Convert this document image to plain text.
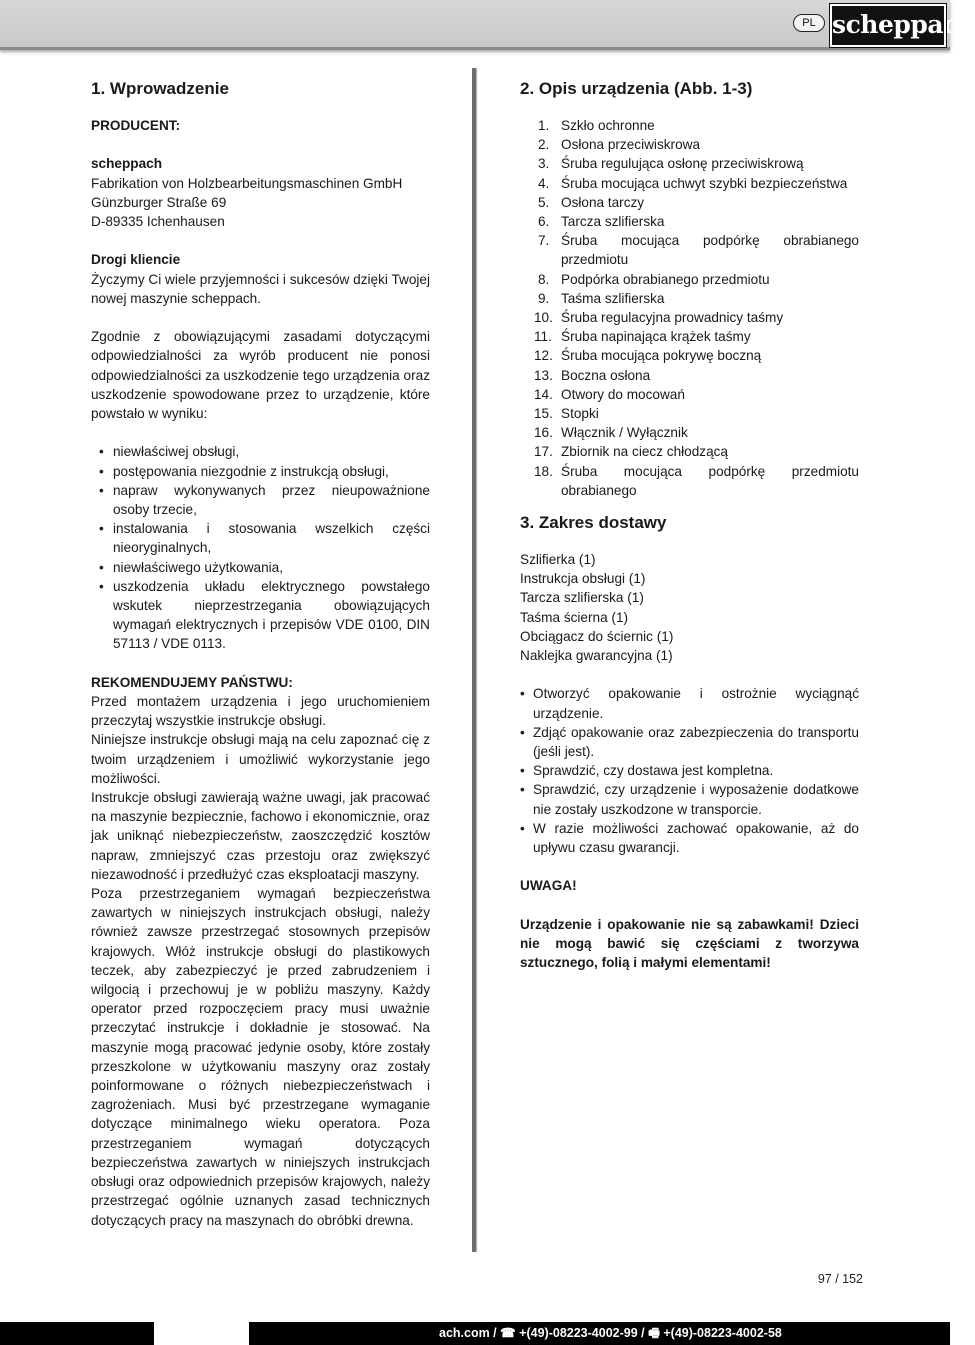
PL scheppach
1. Wprowadzenie

PRODUCENT:

scheppach

Fabrikation von Holzbearbeitungsmaschinen GmbH

Günzburger Straße 69

D-89335 Ichenhausen

Drogi kliencie

Życzymy Ci wiele przyjemności i sukcesów dzięki Twojej nowej maszynie scheppach.

Zgodnie z obowiązującymi zasadami dotyczącymi odpowiedzialności za wyrób producent nie ponosi odpowiedzialności za uszkodzenie tego urządzenia oraz uszkodzenie spowodowane przez to urządzenie, które powstało w wyniku:

• niewłaściwej obsługi,
• postępowania niezgodnie z instrukcją obsługi,
• napraw wykonywanych przez nieupoważnione osoby trzecie,
• instalowania i stosowania wszelkich części nieoryginalnych,
• niewłaściwego użytkowania,
• uszkodzenia układu elektrycznego powstałego wskutek nieprzestrzegania obowiązujących wymagań elektrycznych i przepisów VDE 0100, DIN 57113 / VDE 0113.

REKOMENDUJEMY PAŃSTWU:

Przed montażem urządzenia i jego uruchomieniem przeczytaj wszystkie instrukcje obsługi.

Niniejsze instrukcje obsługi mają na celu zapoznać cię z twoim urządzeniem i umożliwić wykorzystanie jego możliwości.

Instrukcje obsługi zawierają ważne uwagi, jak pracować na maszynie bezpiecznie, fachowo i ekonomicznie, oraz jak uniknąć niebezpieczeństw, zaoszczędzić kosztów napraw, zmniejszyć czas przestoju oraz zwiększyć niezawodność i przedłużyć czas eksploatacji maszyny.

Poza przestrzeganiem wymagań bezpieczeństwa zawartych w niniejszych instrukcjach obsługi, należy również zawsze przestrzegać stosownych przepisów krajowych. Włóż instrukcje obsługi do plastikowych teczek, aby zabezpieczyć je przed zabrudzeniem i wilgocią i przechowuj je w pobliżu maszyny. Każdy operator przed rozpoczęciem pracy musi uważnie przeczytać instrukcje i dokładnie je stosować. Na maszynie mogą pracować jedynie osoby, które zostały przeszkolone w użytkowaniu maszyny oraz zostały poinformowane o różnych niebezpieczeństwach i zagrożeniach. Musi być przestrzegane wymaganie dotyczące minimalnego wieku operatora. Poza przestrzeganiem wymagań dotyczących bezpieczeństwa zawartych w niniejszych instrukcjach obsługi oraz odpowiednich przepisów krajowych, należy przestrzegać ogólnie uznanych zasad technicznych dotyczących pracy na maszynach do obróbki drewna.

2. Opis urządzenia (Abb. 1-3)
1. Szkło ochronne
2. Osłona przeciwiskrowa
3. Śruba regulująca osłonę przeciwiskrową
4. Śruba mocująca uchwyt szybki bezpieczeństwa
5. Osłona tarczy
6. Tarcza szlifierska
7. Śruba mocująca podpórkę obrabianego przedmiotu
8. Podpórka obrabianego przedmiotu
9. Taśma szlifierska
10. Śruba regulacyjna prowadnicy taśmy
11. Śruba napinająca krążek taśmy
12. Śruba mocująca pokrywę boczną
13. Boczna osłona
14. Otwory do mocowań
15. Stopki
16. Włącznik / Wyłącznik
17. Zbiornik na ciecz chłodzącą
18. Śruba mocująca podpórkę przedmiotu obrabianego
3. Zakres dostawy

Szlifierka (1)

Instrukcja obsługi (1)

Tarcza szlifierska (1)

Taśma ścierna (1)

Obciągacz do ściernic (1)

Naklejka gwarancyjna (1)

• Otworzyć opakowanie i ostrożnie wyciągnąć urządzenie.
• Zdjąć opakowanie oraz zabezpieczenia do transportu (jeśli jest).
• Sprawdzić, czy dostawa jest kompletna.
• Sprawdzić, czy urządzenie i wyposażenie dodatkowe nie zostały uszkodzone w transporcie.
• W razie możliwości zachować opakowanie, aż do upływu czasu gwarancji.

UWAGA!

Urządzenie i opakowanie nie są zabawkami! Dzieci nie mogą bawić się częściami z tworzywa sztucznego, folią i małymi elementami!

97 / 152
ach.com / ☎ +(49)-08223-4002-99 / 🖷 +(49)-08223-4002-58
